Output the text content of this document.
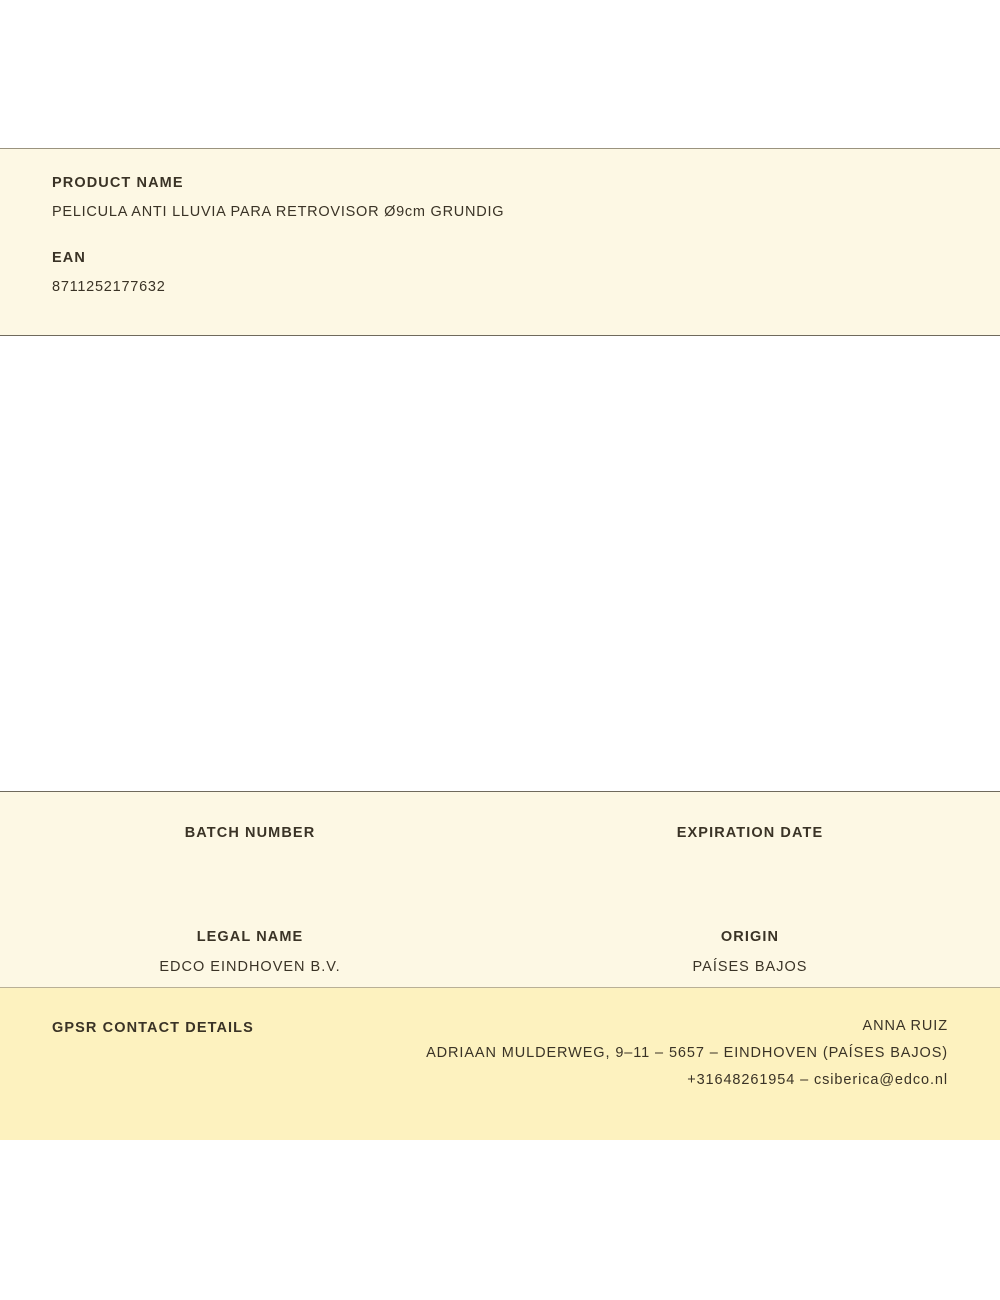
PRODUCT NAME

PELICULA ANTI LLUVIA PARA RETROVISOR Ø9cm GRUNDIG

EAN

8711252177632

BATCH NUMBER	EXPIRATION DATE

LEGAL NAME

EDCO EINDHOVEN B.V.

ORIGIN

PAÍSES BAJOS

GPSR CONTACT DETAILS	ANNA RUIZ

ADRIAAN MULDERWEG, 9–11 – 5657 – EINDHOVEN (PAÍSES BAJOS)

+31648261954 – csiberica@edco.nl
